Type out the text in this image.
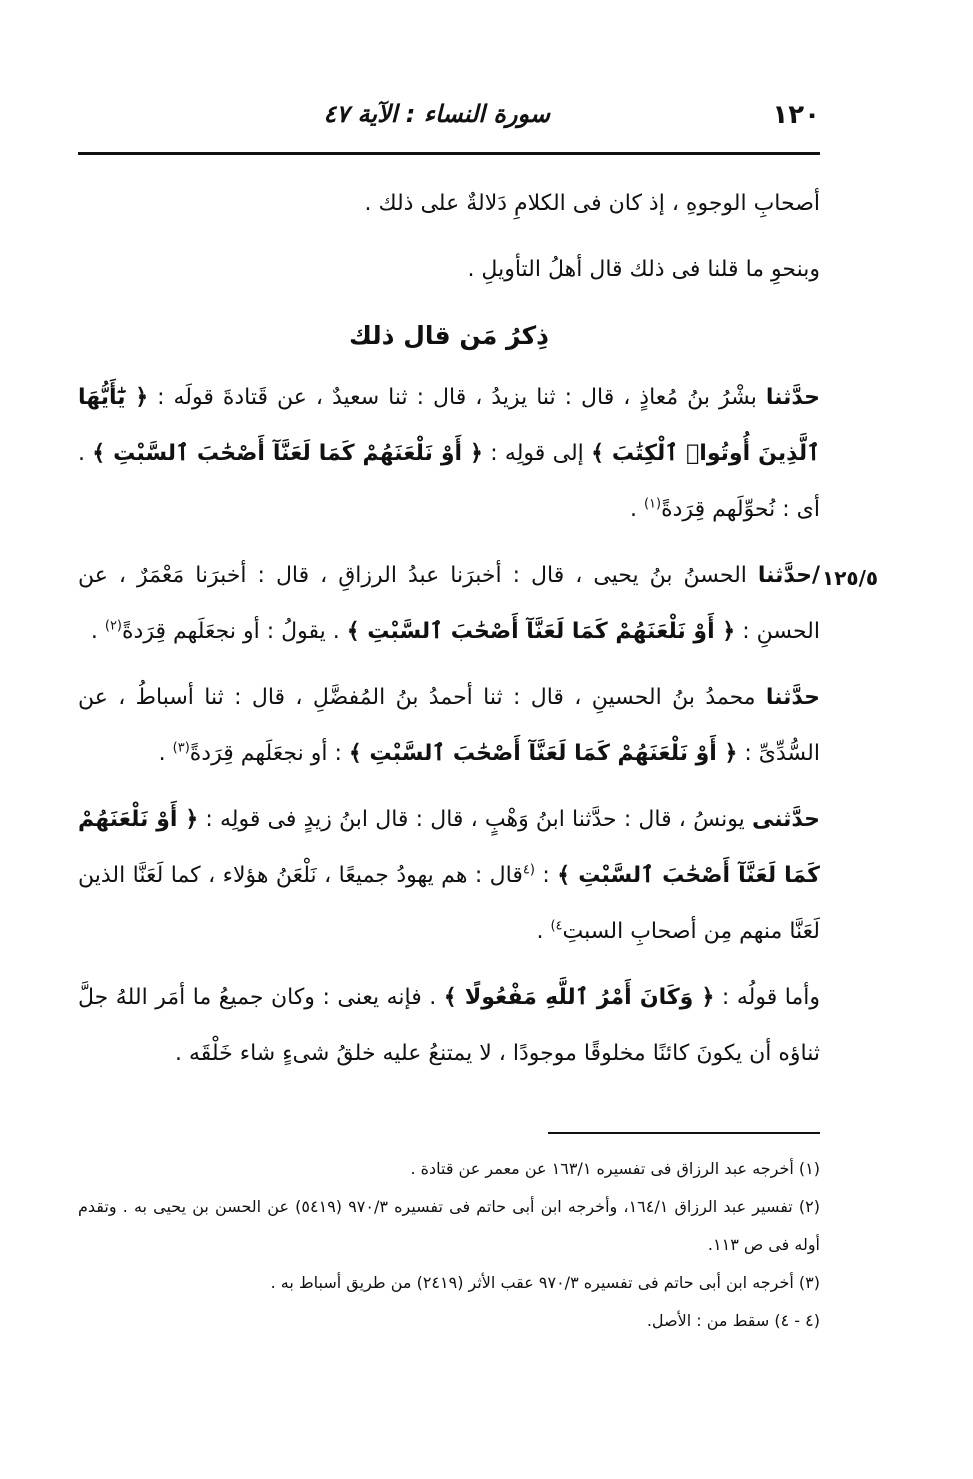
١٢٠
سورة النساء : الآية ٤٧
١٢٥/٥

أصحابِ الوجوهِ ، إذ كان فى الكلامِ دَلالةٌ على ذلك .

وبنحوِ ما قلنا فى ذلك قال أهلُ التأويلِ .

ذِكرُ مَن قال ذلك

حدَّثنا بشْرُ بنُ مُعاذٍ ، قال : ثنا يزيدُ ، قال : ثنا سعيدٌ ، عن قَتادةَ قولَه : ﴿ يَٰٓأَيُّهَا ٱلَّذِينَ أُوتُوا۟ ٱلْكِتَٰبَ ﴾ إلى قولِه : ﴿ أَوْ نَلْعَنَهُمْ كَمَا لَعَنَّآ أَصْحَٰبَ ٱلسَّبْتِ ﴾ . أى : نُحوِّلَهم قِرَدةً$^{(١)}$ .

/حدَّثنا الحسنُ بنُ يحيى ، قال : أخبرَنا عبدُ الرزاقِ ، قال : أخبرَنا مَعْمَرٌ ، عن الحسنِ : ﴿ أَوْ نَلْعَنَهُمْ كَمَا لَعَنَّآ أَصْحَٰبَ ٱلسَّبْتِ ﴾ . يقولُ : أو نجعَلَهم قِرَدةً$^{(٢)}$ .

حدَّثنا محمدُ بنُ الحسينِ ، قال : ثنا أحمدُ بنُ المُفضَّلِ ، قال : ثنا أسباطُ ، عن السُّدِّىِّ : ﴿ أَوْ نَلْعَنَهُمْ كَمَا لَعَنَّآ أَصْحَٰبَ ٱلسَّبْتِ ﴾ : أو نجعَلَهم قِرَدةً$^{(٣)}$ .

حدَّثنى يونسُ ، قال : حدَّثنا ابنُ وَهْبٍ ، قال : قال ابنُ زيدٍ فى قولِه : ﴿ أَوْ نَلْعَنَهُمْ كَمَا لَعَنَّآ أَصْحَٰبَ ٱلسَّبْتِ ﴾ : $^{(٤}$قال : هم يهودُ جميعًا ، نَلْعَنُ هؤلاء ، كما لَعَنَّا الذين لَعَنَّا منهم مِن أصحابِ السبتِ$^{٤)}$ .

وأما قولُه : ﴿ وَكَانَ أَمْرُ ٱللَّهِ مَفْعُولًا ﴾ . فإنه يعنى : وكان جميعُ ما أمَر اللهُ جلَّ ثناؤه أن يكونَ كائنًا مخلوقًا موجودًا ، لا يمتنعُ عليه خلقُ شىءٍ شاء خَلْقَه .

(١) أخرجه عبد الرزاق فى تفسيره ١٦٣/١ عن معمر عن قتادة .

(٢) تفسير عبد الرزاق ١٦٤/١، وأخرجه ابن أبى حاتم فى تفسيره ٩٧٠/٣ (٥٤١٩) عن الحسن بن يحيى به . وتقدم أوله فى ص ١١٣.

(٣) أخرجه ابن أبى حاتم فى تفسيره ٩٧٠/٣ عقب الأثر (٢٤١٩) من طريق أسباط به .

(٤ - ٤) سقط من : الأصل.
